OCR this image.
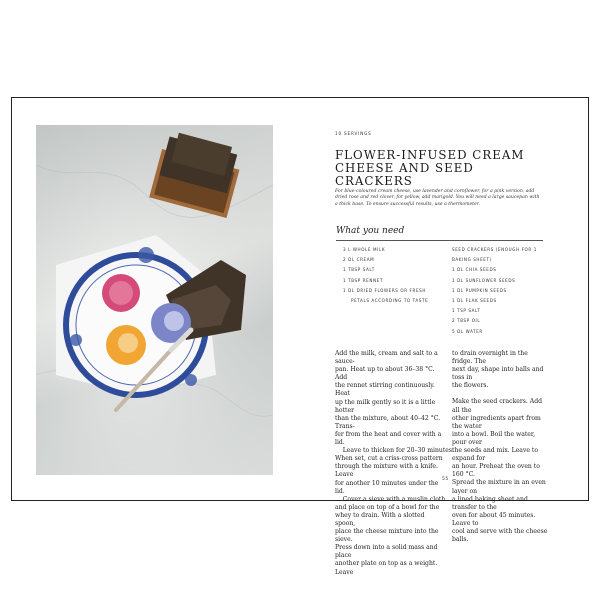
10 SERVINGS
FLOWER-INFUSED CREAM CHEESE AND SEED CRACKERS
For blue-coloured cream cheese, use lavender and cornflower, for a pink version, add dried rose and red clover, for yellow, add marigold. You will need a large saucepan with a thick base. To ensure successful results, use a thermometer.
What you need
3 L WHOLE MILK
2 DL CREAM
1 TBSP SALT
1 TBSP RENNET
1 DL DRIED FLOWERS OR FRESH
PETALS ACCORDING TO TASTE
SEED CRACKERS (ENOUGH FOR 1
BAKING SHEET)
1 DL CHIA SEEDS
1 DL SUNFLOWER SEEDS
1 DL PUMPKIN SEEDS
1 DL FLAK SEEDS
1 TSP SALT
2 TBSP OIL
5 DL WATER

Add the milk, cream and salt to a sauce-

pan. Heat up to about 36–38 °C. Add

the rennet stirring continuously. Heat

up the milk gently so it is a little hotter

than the mixture, about 40–42 °C. Trans-

fer from the heat and cover with a lid.

Leave to thicken for 20–30 minutes.

When set, cut a criss-cross pattern

through the mixture with a knife. Leave

for another 10 minutes under the lid.

Cover a sieve with a muslin cloth

and place on top of a bowl for the

whey to drain. With a slotted spoon,

place the cheese mixture into the sieve.

Press down into a solid mass and place

another plate on top as a weight. Leave

to drain overnight in the fridge. The

next day, shape into balls and toss in

the flowers.

Make the seed crackers. Add all the

other ingredients apart from the water

into a bowl. Boil the water, pour over

the seeds and mix. Leave to expand for

an hour. Preheat the oven to 160 °C.

Spread the mixture in an even layer on

a lined baking sheet and transfer to the

oven for about 45 minutes. Leave to

cool and serve with the cheese balls.

55
